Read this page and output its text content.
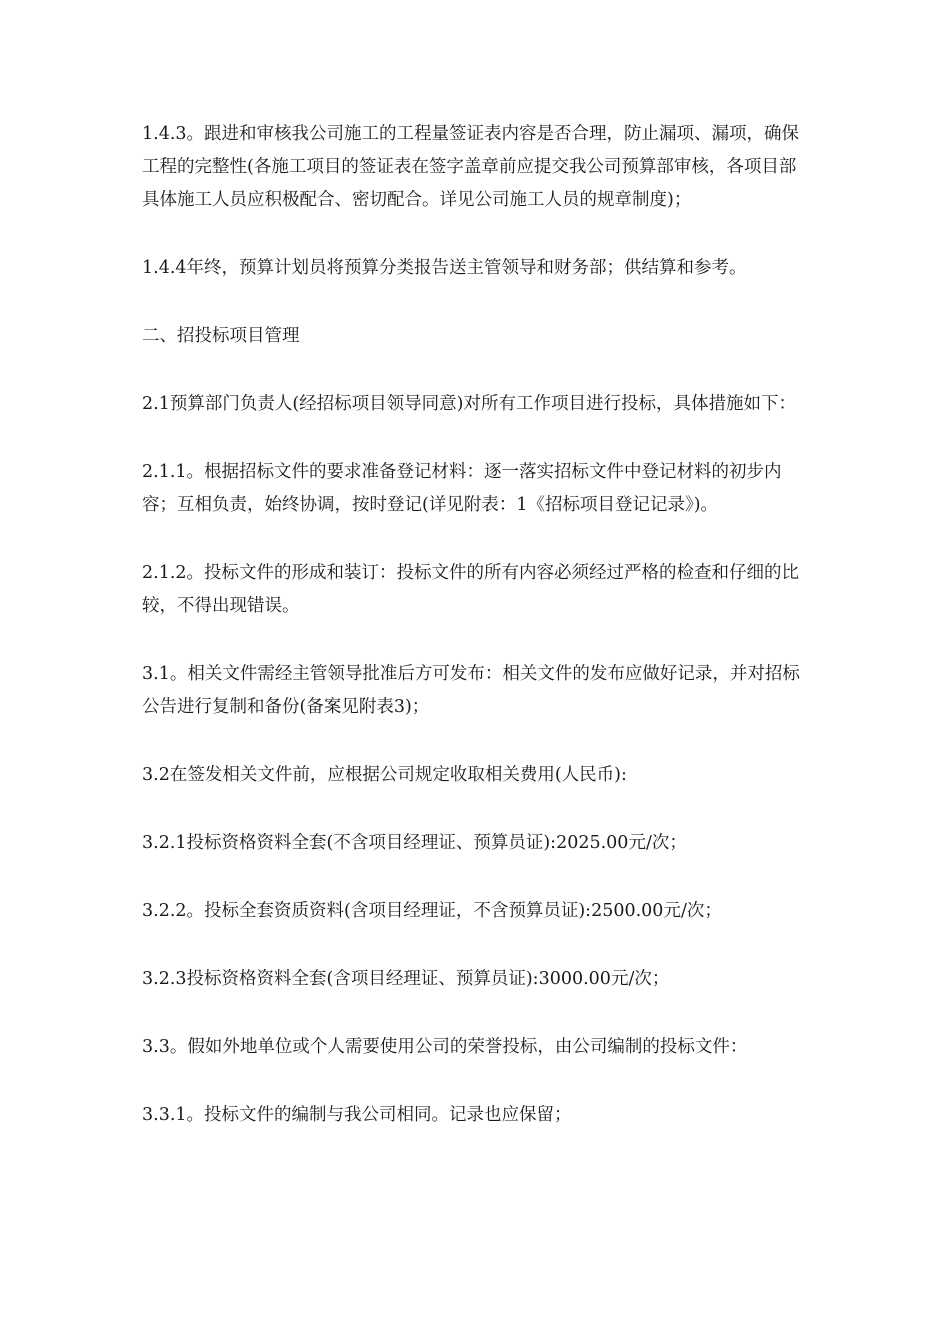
1.4.3。跟进和审核我公司施工的工程量签证表内容是否合理，防止漏项、漏项，确保工程的完整性(各施工项目的签证表在签字盖章前应提交我公司预算部审核，各项目部具体施工人员应积极配合、密切配合。详见公司施工人员的规章制度)；

1.4.4年终，预算计划员将预算分类报告送主管领导和财务部；供结算和参考。

二、招投标项目管理

2.1预算部门负责人(经招标项目领导同意)对所有工作项目进行投标，具体措施如下：

2.1.1。根据招标文件的要求准备登记材料：逐一落实招标文件中登记材料的初步内容；互相负责，始终协调，按时登记(详见附表：1《招标项目登记记录》)。

2.1.2。投标文件的形成和装订：投标文件的所有内容必须经过严格的检查和仔细的比较，不得出现错误。

3.1。相关文件需经主管领导批准后方可发布：相关文件的发布应做好记录，并对招标公告进行复制和备份(备案见附表3)；

3.2在签发相关文件前，应根据公司规定收取相关费用(人民币):

3.2.1投标资格资料全套(不含项目经理证、预算员证):2025.00元/次；

3.2.2。投标全套资质资料(含项目经理证，不含预算员证):2500.00元/次；

3.2.3投标资格资料全套(含项目经理证、预算员证):3000.00元/次；

3.3。假如外地单位或个人需要使用公司的荣誉投标，由公司编制的投标文件：

3.3.1。投标文件的编制与我公司相同。记录也应保留；
